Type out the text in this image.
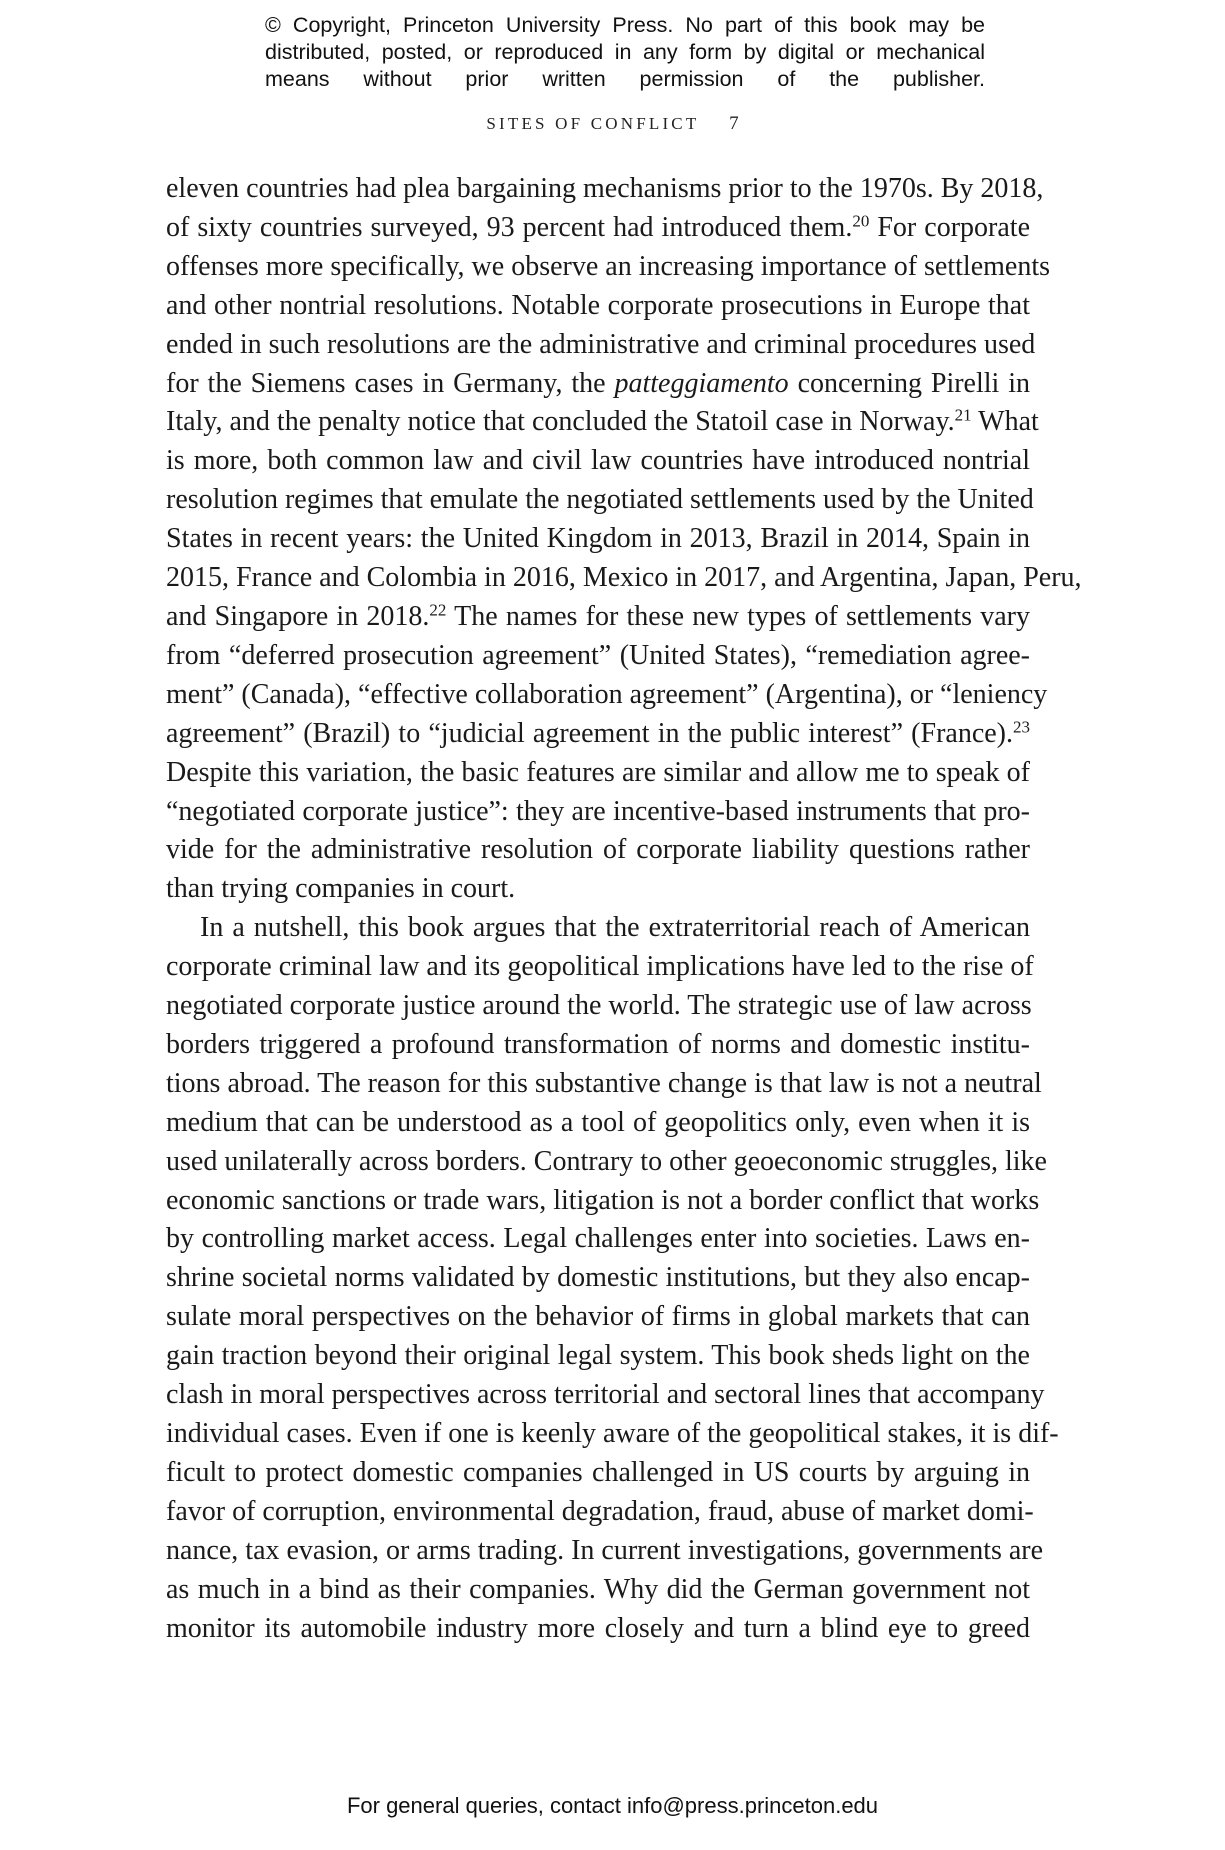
© Copyright, Princeton University Press. No part of this book may be
distributed, posted, or reproduced in any form by digital or mechanical
means without prior written permission of the publisher.
SITES OF CONFLICT 7
eleven countries had plea bargaining mechanisms prior to the 1970s. By 2018,
of sixty countries surveyed, 93 percent had introduced them.$^{20}$ For corporate
offenses more specifically, we observe an increasing importance of settlements
and other nontrial resolutions. Notable corporate prosecutions in Europe that
ended in such resolutions are the administrative and criminal procedures used
for the Siemens cases in Germany, the patteggiamento concerning Pirelli in
Italy, and the penalty notice that concluded the Statoil case in Norway.$^{21}$ What
is more, both common law and civil law countries have introduced nontrial
resolution regimes that emulate the negotiated settlements used by the United
States in recent years: the United Kingdom in 2013, Brazil in 2014, Spain in
2015, France and Colombia in 2016, Mexico in 2017, and Argentina, Japan, Peru,
and Singapore in 2018.22 The names for these new types of settlements vary
from “deferred prosecution agreement” (United States), “remediation agree-
ment” (Canada), “effective collaboration agreement” (Argentina), or “leniency
agreement” (Brazil) to “judicial agreement in the public interest” (France).$^{23}$
Despite this variation, the basic features are similar and allow me to speak of
“negotiated corporate justice”: they are incentive-based instruments that pro-
vide for the administrative resolution of corporate liability questions rather
than trying companies in court.
In a nutshell, this book argues that the extraterritorial reach of American
corporate criminal law and its geopolitical implications have led to the rise of
negotiated corporate justice around the world. The strategic use of law across
borders triggered a profound transformation of norms and domestic institu-
tions abroad. The reason for this substantive change is that law is not a neutral
medium that can be understood as a tool of geopolitics only, even when it is
used unilaterally across borders. Contrary to other geoeconomic struggles, like
economic sanctions or trade wars, litigation is not a border conflict that works
by controlling market access. Legal challenges enter into societies. Laws en-
shrine societal norms validated by domestic institutions, but they also encap-
sulate moral perspectives on the behavior of firms in global markets that can
gain traction beyond their original legal system. This book sheds light on the
clash in moral perspectives across territorial and sectoral lines that accompany
individual cases. Even if one is keenly aware of the geopolitical stakes, it is dif-
ficult to protect domestic companies challenged in US courts by arguing in
favor of corruption, environmental degradation, fraud, abuse of market domi-
nance, tax evasion, or arms trading. In current investigations, governments are
as much in a bind as their companies. Why did the German government not
monitor its automobile industry more closely and turn a blind eye to greed
For general queries, contact info@press.princeton.edu
